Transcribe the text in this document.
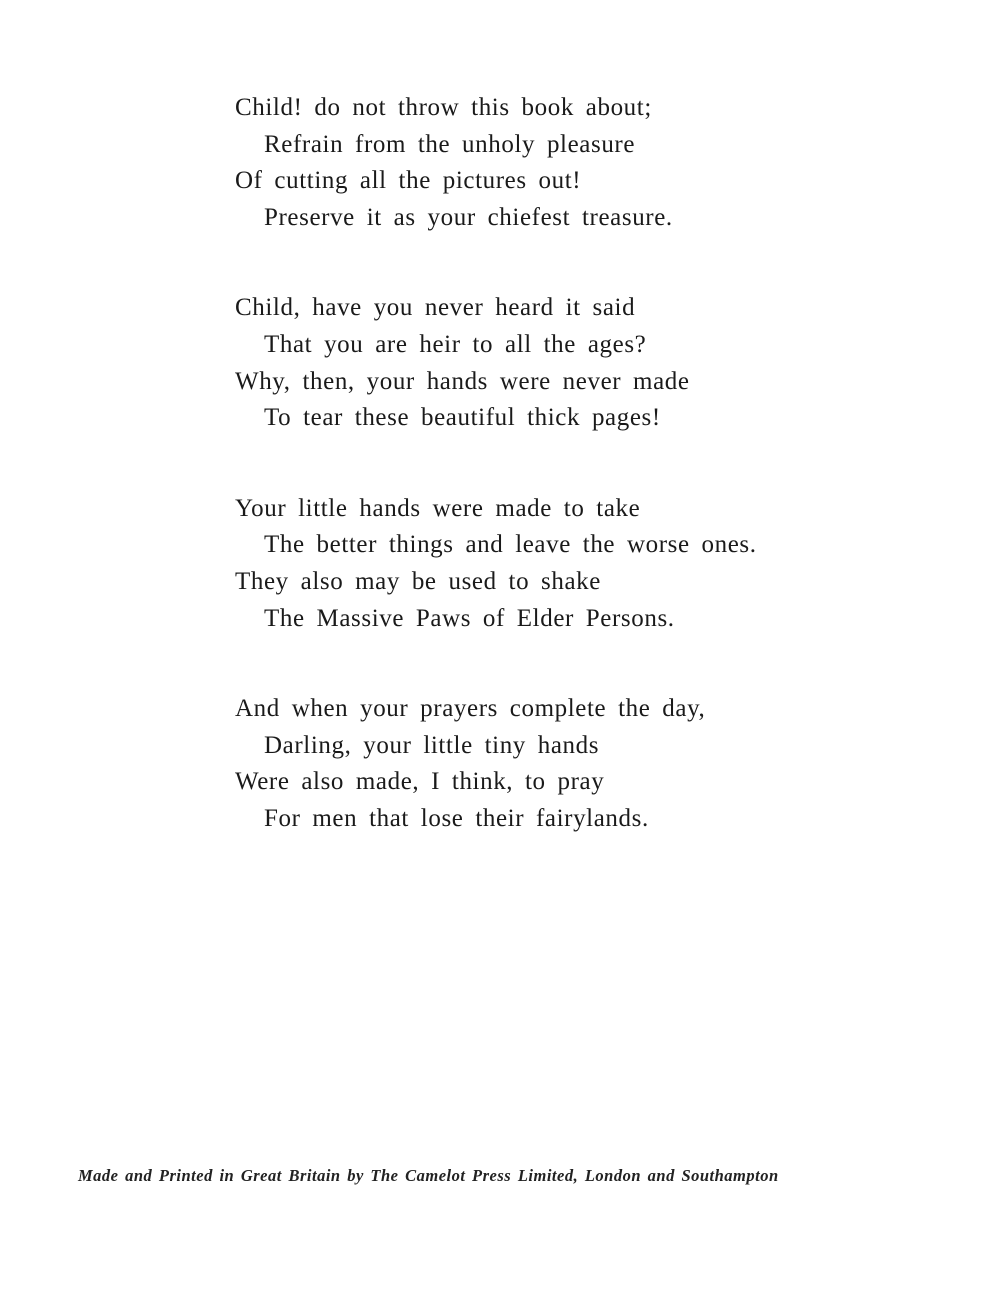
Child! do not throw this book about;
Refrain from the unholy pleasure
Of cutting all the pictures out!
Preserve it as your chiefest treasure.
Child, have you never heard it said
That you are heir to all the ages?
Why, then, your hands were never made
To tear these beautiful thick pages!
Your little hands were made to take
The better things and leave the worse ones.
They also may be used to shake
The Massive Paws of Elder Persons.
And when your prayers complete the day,
Darling, your little tiny hands
Were also made, I think, to pray
For men that lose their fairylands.
Made and Printed in Great Britain by The Camelot Press Limited, London and Southampton
